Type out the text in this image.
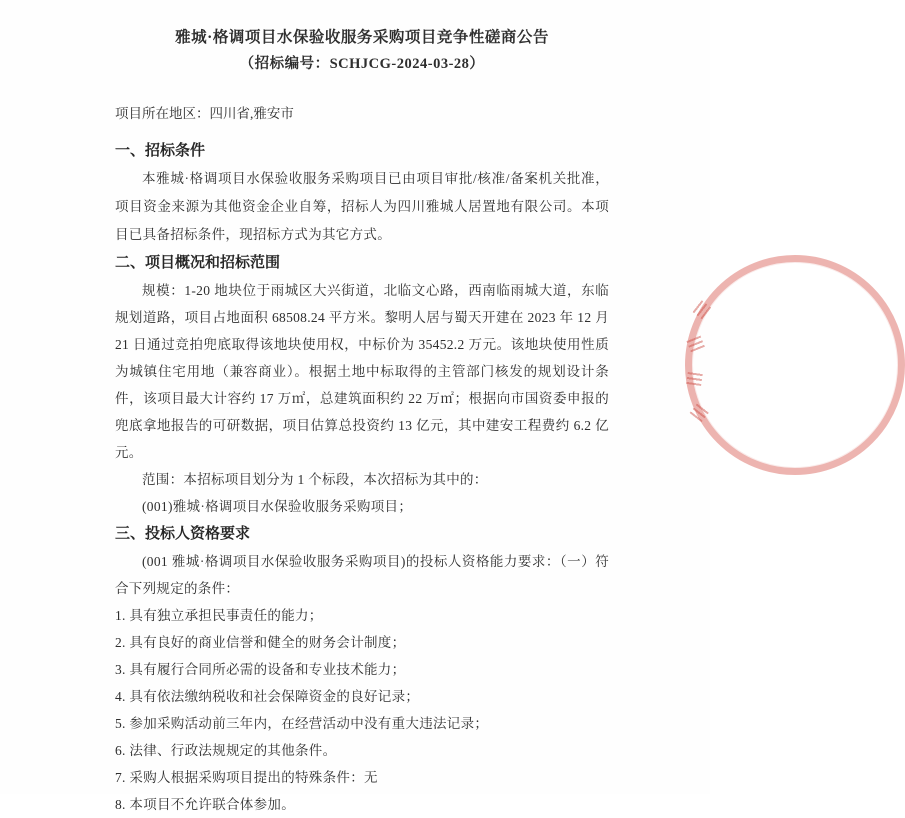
雅城·格调项目水保验收服务采购项目竞争性磋商公告
（招标编号：SCHJCG-2024-03-28）
项目所在地区：四川省,雅安市
一、招标条件
本雅城·格调项目水保验收服务采购项目已由项目审批/核准/备案机关批准，项目资金来源为其他资金企业自筹，招标人为四川雅城人居置地有限公司。本项目已具备招标条件，现招标方式为其它方式。
二、项目概况和招标范围
规模：1-20 地块位于雨城区大兴街道，北临文心路，西南临雨城大道，东临规划道路，项目占地面积 68508.24 平方米。黎明人居与蜀天开建在 2023 年 12 月 21 日通过竞拍兜底取得该地块使用权，中标价为 35452.2 万元。该地块使用性质为城镇住宅用地（兼容商业）。根据土地中标取得的主管部门核发的规划设计条件，该项目最大计容约 17 万㎡，总建筑面积约 22 万㎡；根据向市国资委申报的兜底拿地报告的可研数据，项目估算总投资约 13 亿元，其中建安工程费约 6.2 亿元。
范围：本招标项目划分为 1 个标段，本次招标为其中的：
(001)雅城·格调项目水保验收服务采购项目；
三、投标人资格要求
(001 雅城·格调项目水保验收服务采购项目)的投标人资格能力要求：（一）符合下列规定的条件：
1. 具有独立承担民事责任的能力；
2. 具有良好的商业信誉和健全的财务会计制度；
3. 具有履行合同所必需的设备和专业技术能力；
4. 具有依法缴纳税收和社会保障资金的良好记录；
5. 参加采购活动前三年内，在经营活动中没有重大违法记录；
6. 法律、行政法规规定的其他条件。
7. 采购人根据采购项目提出的特殊条件：无
8. 本项目不允许联合体参加。
